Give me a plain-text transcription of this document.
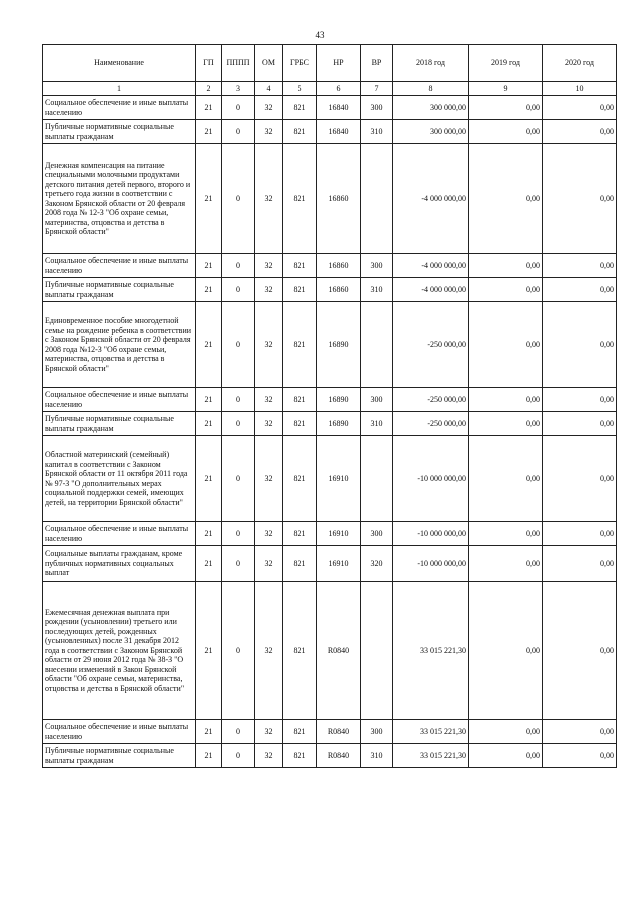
43
Наименование	ГП	ПППП	ОМ	ГРБС	НР	ВР	2018 год	2019 год	2020 год
1	2	3	4	5	6	7	8	9	10
Социальное обеспечение и иные выплаты населению	21	0	32	821	16840	300	300 000,00	0,00	0,00
Публичные нормативные социальные выплаты гражданам	21	0	32	821	16840	310	300 000,00	0,00	0,00
Денежная компенсация на питание специальными молочными продуктами детского питания детей первого, второго и третьего года жизни в соответствии с Законом Брянской области от 20 февраля 2008 года № 12-З "Об охране семьи, материнства, отцовства и детства в Брянской области"	21	0	32	821	16860		-4 000 000,00	0,00	0,00
Социальное обеспечение и иные выплаты населению	21	0	32	821	16860	300	-4 000 000,00	0,00	0,00
Публичные нормативные социальные выплаты гражданам	21	0	32	821	16860	310	-4 000 000,00	0,00	0,00
Единовременное пособие многодетной семье на рождение ребенка в соответствии с Законом Брянской области от 20 февраля 2008 года №12-З "Об охране семьи, материнства, отцовства и детства в Брянской области"	21	0	32	821	16890		-250 000,00	0,00	0,00
Социальное обеспечение и иные выплаты населению	21	0	32	821	16890	300	-250 000,00	0,00	0,00
Публичные нормативные социальные выплаты гражданам	21	0	32	821	16890	310	-250 000,00	0,00	0,00
Областной материнский (семейный) капитал в соответствии с Законом Брянской области от 11 октября 2011 года № 97-З "О дополнительных мерах социальной поддержки семей, имеющих детей, на территории Брянской области"	21	0	32	821	16910		-10 000 000,00	0,00	0,00
Социальное обеспечение и иные выплаты населению	21	0	32	821	16910	300	-10 000 000,00	0,00	0,00
Социальные выплаты гражданам, кроме публичных нормативных социальных выплат	21	0	32	821	16910	320	-10 000 000,00	0,00	0,00
Ежемесячная денежная выплата при рождении (усыновлении) третьего или последующих детей, рожденных (усыновленных) после 31 декабря 2012 года в соответствии с Законом Брянской области от 29 июня 2012 года № 38-З "О внесении изменений в Закон Брянской области "Об охране семьи, материнства, отцовства и детства в Брянской области"	21	0	32	821	R0840		33 015 221,30	0,00	0,00
Социальное обеспечение и иные выплаты населению	21	0	32	821	R0840	300	33 015 221,30	0,00	0,00
Публичные нормативные социальные выплаты гражданам	21	0	32	821	R0840	310	33 015 221,30	0,00	0,00
